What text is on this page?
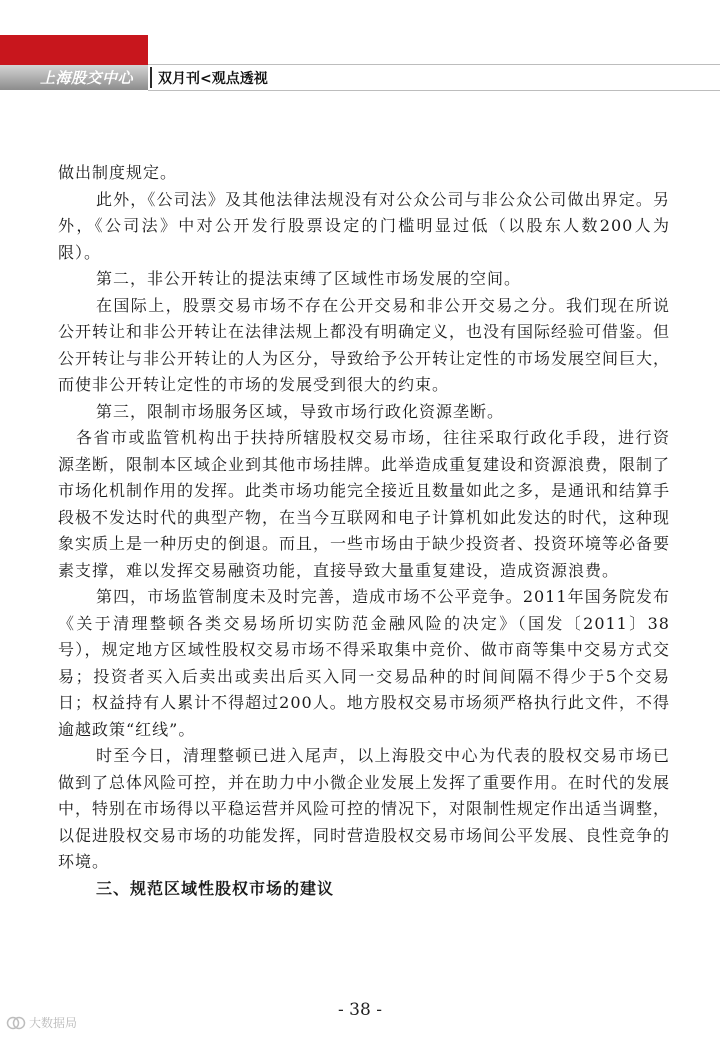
上海股交中心 双月刊<观点透视

做出制度规定。

此外，《公司法》及其他法律法规没有对公众公司与非公众公司做出界定。另外，《公司法》中对公开发行股票设定的门槛明显过低（以股东人数200人为限）。

第二，非公开转让的提法束缚了区域性市场发展的空间。

在国际上，股票交易市场不存在公开交易和非公开交易之分。我们现在所说公开转让和非公开转让在法律法规上都没有明确定义，也没有国际经验可借鉴。但公开转让与非公开转让的人为区分，导致给予公开转让定性的市场发展空间巨大，而使非公开转让定性的市场的发展受到很大的约束。

第三，限制市场服务区域，导致市场行政化资源垄断。

各省市或监管机构出于扶持所辖股权交易市场，往往采取行政化手段，进行资源垄断，限制本区域企业到其他市场挂牌。此举造成重复建设和资源浪费，限制了市场化机制作用的发挥。此类市场功能完全接近且数量如此之多，是通讯和结算手段极不发达时代的典型产物，在当今互联网和电子计算机如此发达的时代，这种现象实质上是一种历史的倒退。而且，一些市场由于缺少投资者、投资环境等必备要素支撑，难以发挥交易融资功能，直接导致大量重复建设，造成资源浪费。

第四，市场监管制度未及时完善，造成市场不公平竞争。2011年国务院发布《关于清理整顿各类交易场所切实防范金融风险的决定》（国发〔2011〕38号），规定地方区域性股权交易市场不得采取集中竞价、做市商等集中交易方式交易；投资者买入后卖出或卖出后买入同一交易品种的时间间隔不得少于5个交易日；权益持有人累计不得超过200人。地方股权交易市场须严格执行此文件，不得逾越政策“红线”。

时至今日，清理整顿已进入尾声，以上海股交中心为代表的股权交易市场已做到了总体风险可控，并在助力中小微企业发展上发挥了重要作用。在时代的发展中，特别在市场得以平稳运营并风险可控的情况下，对限制性规定作出适当调整，以促进股权交易市场的功能发挥，同时营造股权交易市场间公平发展、良性竞争的环境。

三、规范区域性股权市场的建议

- 38 -
大数据局
